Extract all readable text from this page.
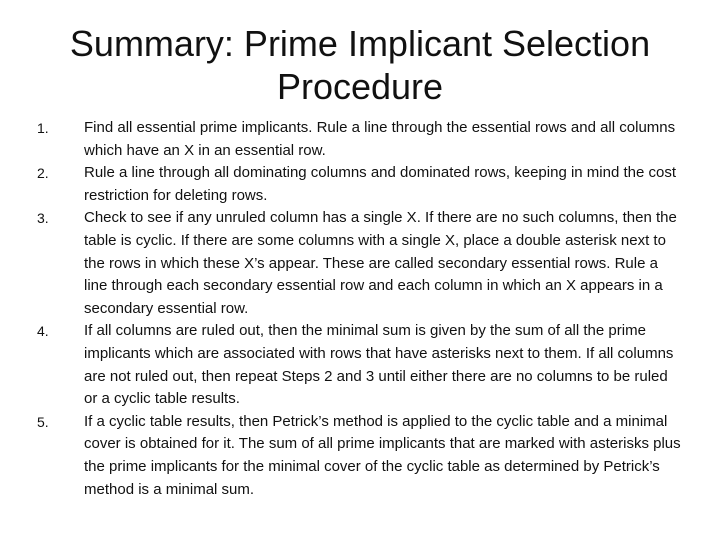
Summary: Prime Implicant Selection Procedure
1.	Find all essential prime implicants. Rule a line through the essential rows and all columns which have an X in an essential row.
2.	Rule a line through all dominating columns and dominated rows, keeping in mind the cost restriction for deleting rows.
3.	Check to see if any unruled column has a single X. If there are no such columns, then the table is cyclic. If there are some columns with a single X, place a double asterisk next to the rows in which these X’s appear. These are called secondary essential rows. Rule a line through each secondary essential row and each column in which an X appears in a secondary essential row.
4.	If all columns are ruled out, then the minimal sum is given by the sum of all the prime implicants which are associated with rows that have asterisks next to them. If all columns are not ruled out, then repeat Steps 2 and 3 until either there are no columns to be ruled or a cyclic table results.
5.	If a cyclic table results, then Petrick’s method is applied to the cyclic table and a minimal cover is obtained for it. The sum of all prime implicants that are marked with asterisks plus the prime implicants for the minimal cover of the cyclic table as determined by Petrick’s method is a minimal sum.
